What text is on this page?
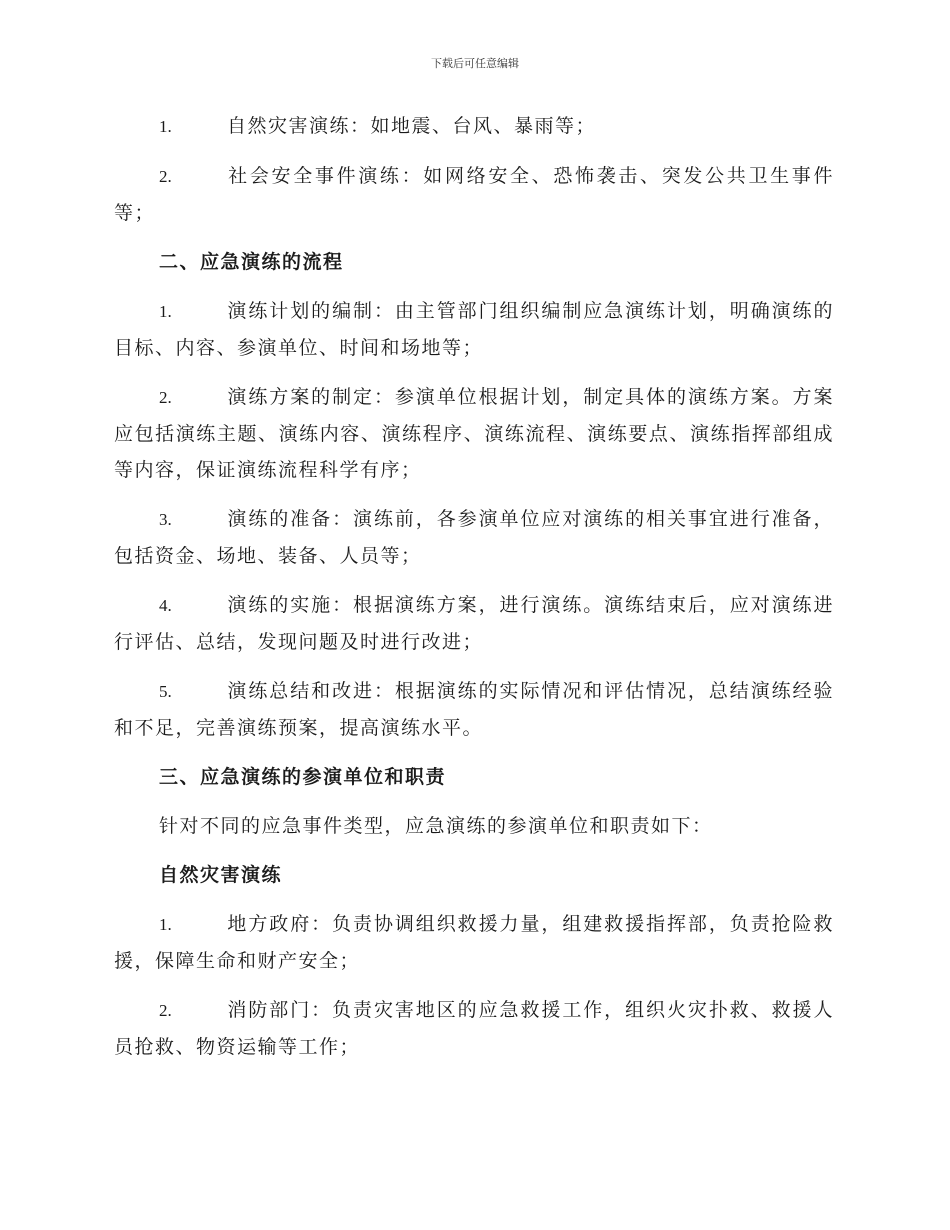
下载后可任意编辑

1.	自然灾害演练：如地震、台风、暴雨等；

2.	社会安全事件演练：如网络安全、恐怖袭击、突发公共卫生事件等；

二、应急演练的流程

1.	演练计划的编制：由主管部门组织编制应急演练计划，明确演练的目标、内容、参演单位、时间和场地等；

2.	演练方案的制定：参演单位根据计划，制定具体的演练方案。方案应包括演练主题、演练内容、演练程序、演练流程、演练要点、演练指挥部组成等内容，保证演练流程科学有序；

3.	演练的准备：演练前，各参演单位应对演练的相关事宜进行准备，包括资金、场地、装备、人员等；

4.	演练的实施：根据演练方案，进行演练。演练结束后，应对演练进行评估、总结，发现问题及时进行改进；

5.	演练总结和改进：根据演练的实际情况和评估情况，总结演练经验和不足，完善演练预案，提高演练水平。

三、应急演练的参演单位和职责

针对不同的应急事件类型，应急演练的参演单位和职责如下：

自然灾害演练

1.	地方政府：负责协调组织救援力量，组建救援指挥部，负责抢险救援，保障生命和财产安全；

2.	消防部门：负责灾害地区的应急救援工作，组织火灾扑救、救援人员抢救、物资运输等工作；
